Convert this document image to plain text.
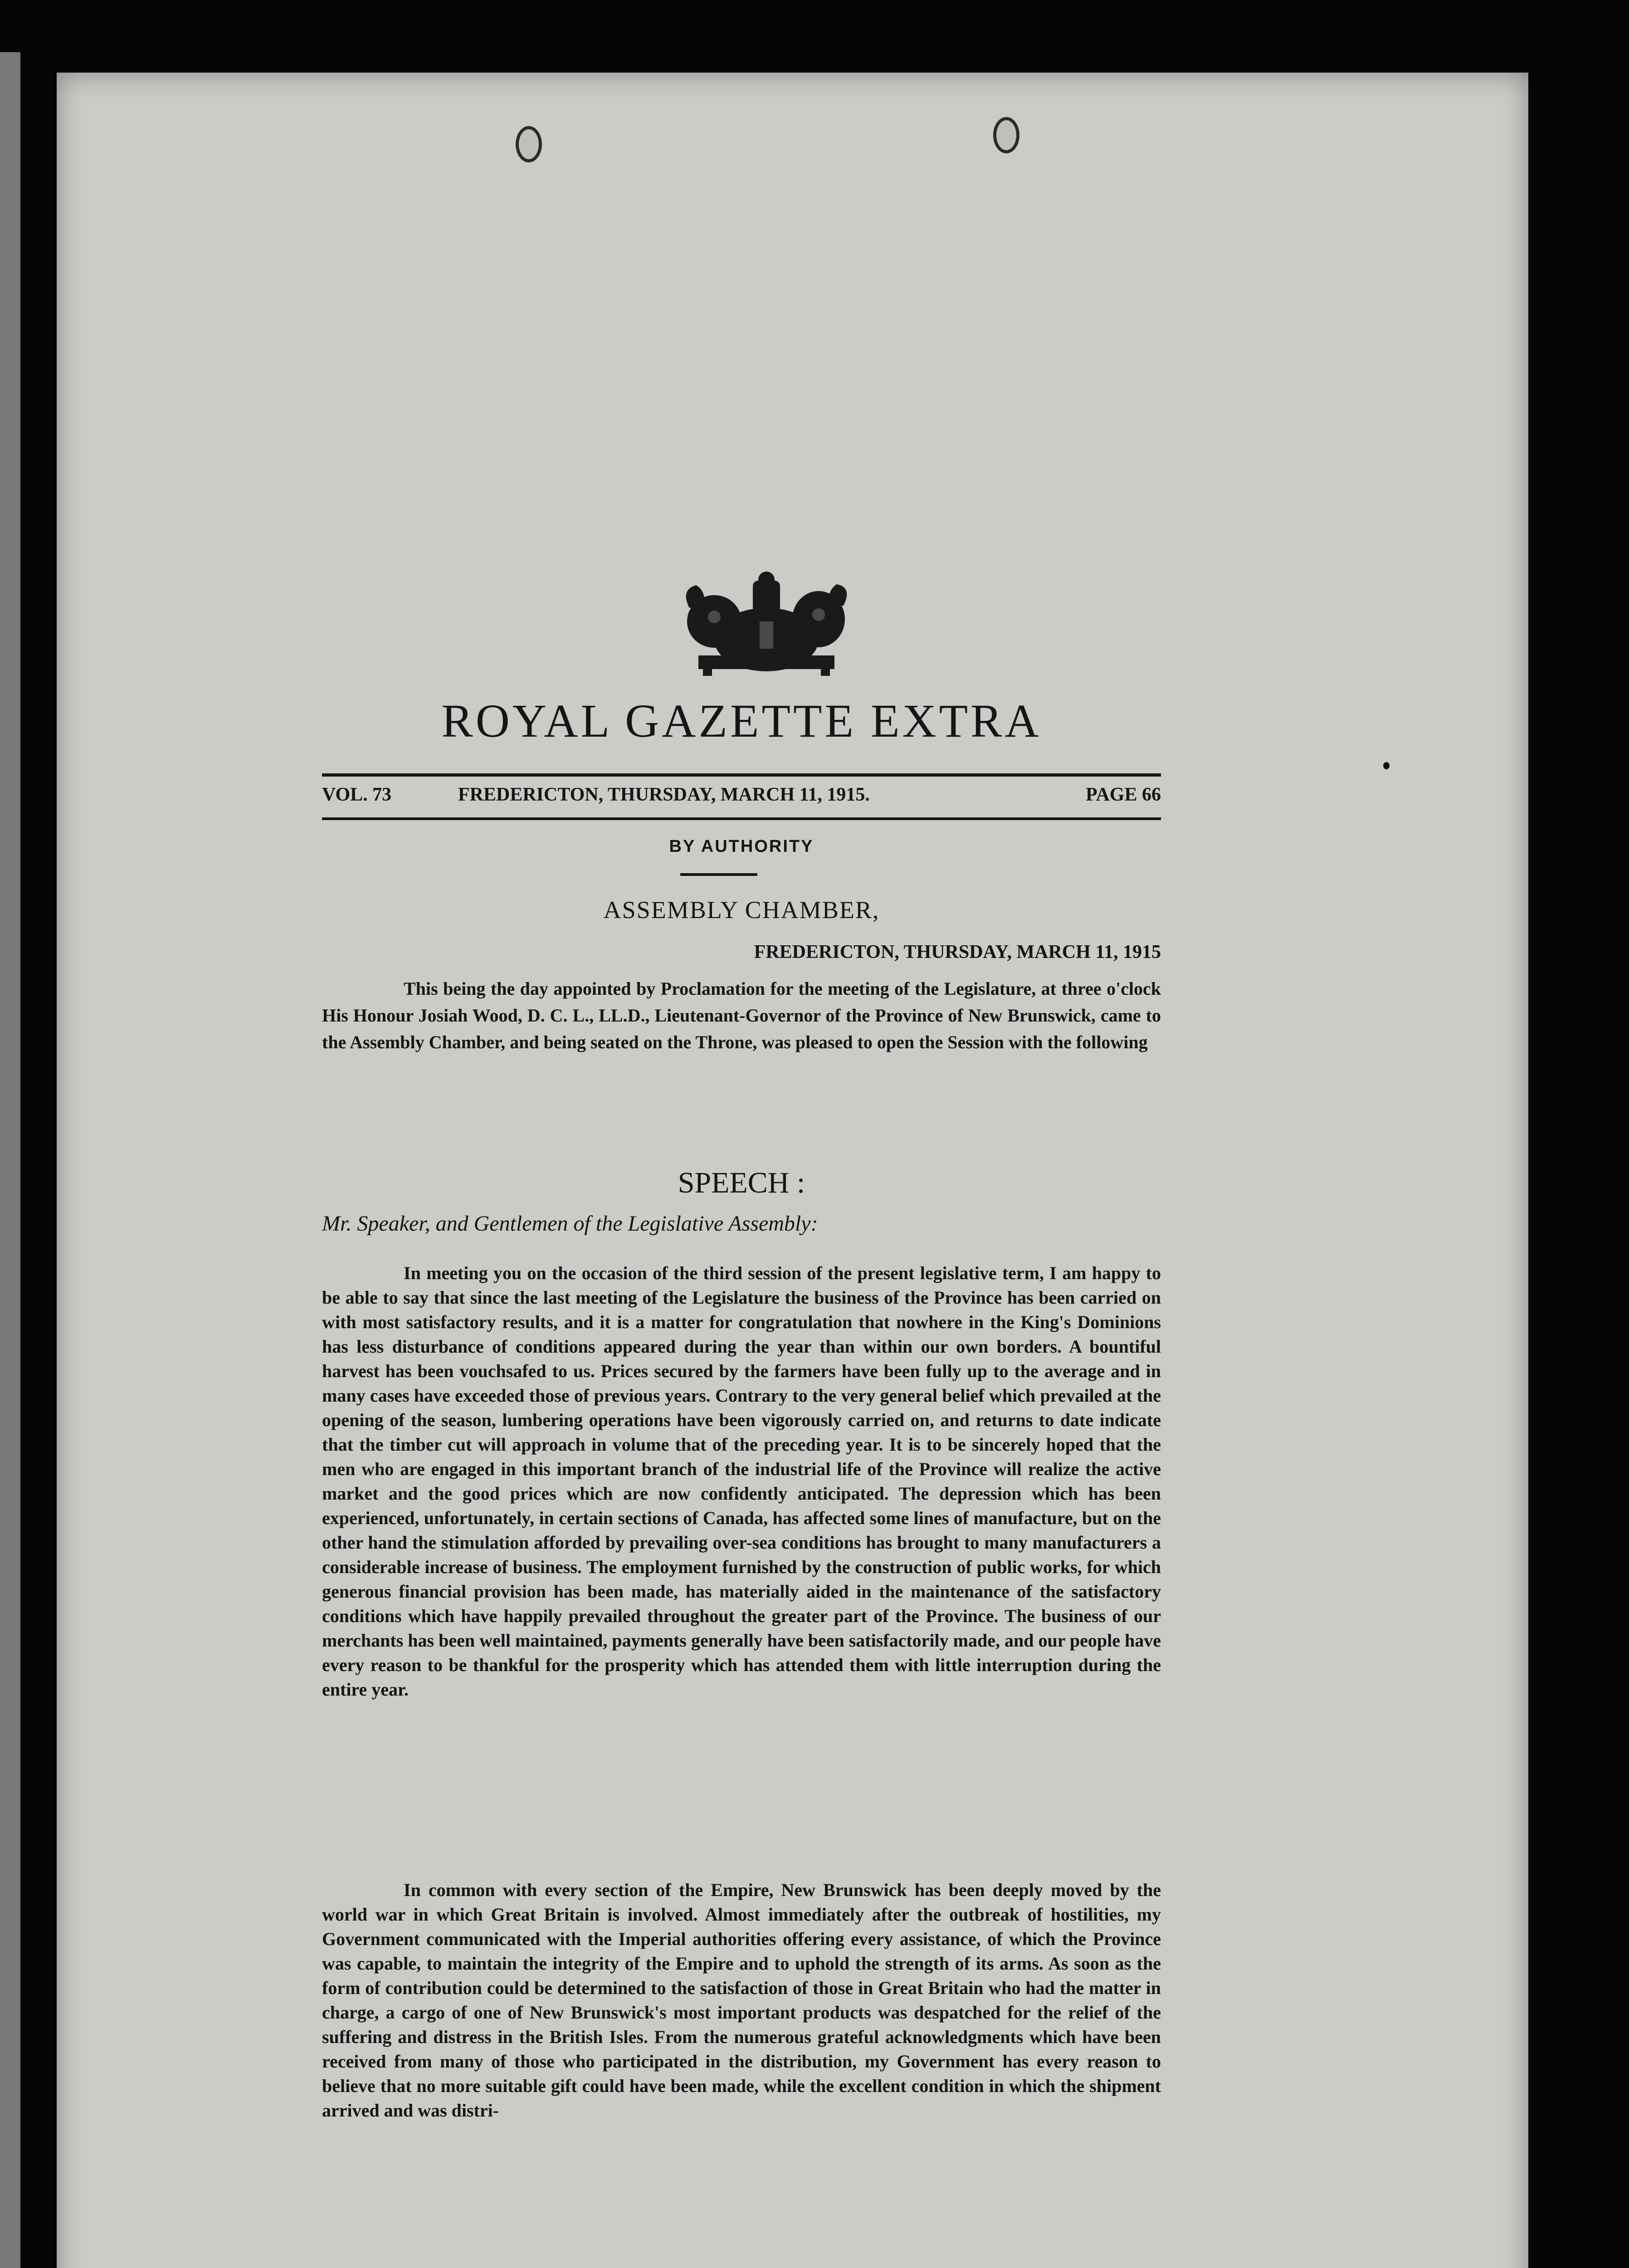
ROYAL GAZETTE EXTRA
VOL. 73	FREDERICTON, THURSDAY, MARCH 11, 1915.	PAGE 66
BY AUTHORITY
ASSEMBLY CHAMBER,
FREDERICTON, THURSDAY, MARCH 11, 1915

This being the day appointed by Proclamation for the meeting of the Legislature, at three o'clock His Honour Josiah Wood, D. C. L., LL.D., Lieutenant-Governor of the Province of New Brunswick, came to the Assembly Chamber, and being seated on the Throne, was pleased to open the Session with the following

SPEECH :
Mr. Speaker, and Gentlemen of the Legislative Assembly:

In meeting you on the occasion of the third session of the present legislative term, I am happy to be able to say that since the last meeting of the Legislature the business of the Province has been carried on with most satisfactory results, and it is a matter for congratulation that nowhere in the King's Dominions has less disturbance of conditions appeared during the year than within our own borders. A bountiful harvest has been vouchsafed to us. Prices secured by the farmers have been fully up to the average and in many cases have exceeded those of previous years. Contrary to the very general belief which prevailed at the opening of the season, lumbering operations have been vigorously carried on, and returns to date indicate that the timber cut will approach in volume that of the preceding year. It is to be sincerely hoped that the men who are engaged in this important branch of the industrial life of the Province will realize the active market and the good prices which are now confidently anticipated. The depression which has been experienced, unfortunately, in certain sections of Canada, has affected some lines of manufacture, but on the other hand the stimulation afforded by prevailing over-sea conditions has brought to many manufacturers a considerable increase of business. The employment furnished by the construction of public works, for which generous financial provision has been made, has materially aided in the maintenance of the satisfactory conditions which have happily prevailed throughout the greater part of the Province. The business of our merchants has been well maintained, payments generally have been satisfactorily made, and our people have every reason to be thankful for the prosperity which has attended them with little interruption during the entire year.

In common with every section of the Empire, New Brunswick has been deeply moved by the world war in which Great Britain is involved. Almost immediately after the outbreak of hostilities, my Government communicated with the Imperial authorities offering every assistance, of which the Province was capable, to maintain the integrity of the Empire and to uphold the strength of its arms. As soon as the form of contribution could be determined to the satisfaction of those in Great Britain who had the matter in charge, a cargo of one of New Brunswick's most important products was despatched for the relief of the suffering and distress in the British Isles. From the numerous grateful acknowledgments which have been received from many of those who participated in the distribution, my Government has every reason to believe that no more suitable gift could have been made, while the excellent condition in which the shipment arrived and was distri-
